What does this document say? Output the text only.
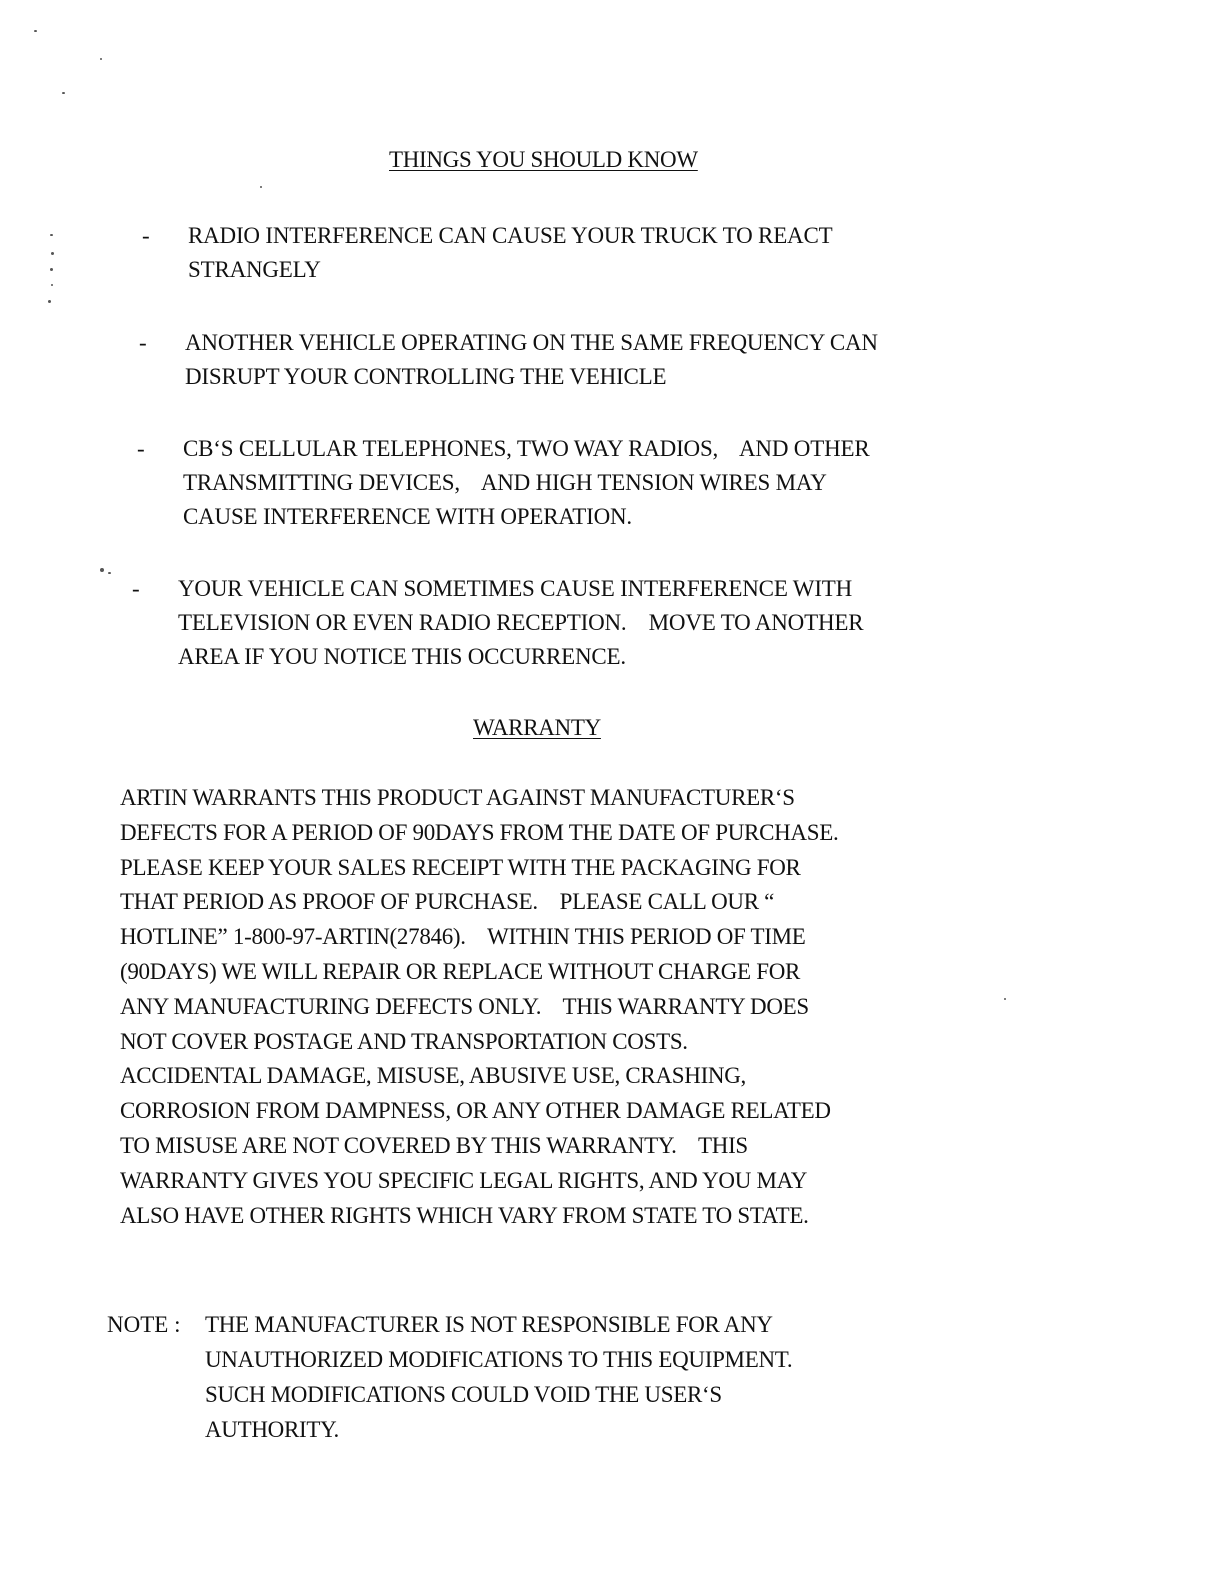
THINGS YOU SHOULD KNOW
- RADIO INTERFERENCE CAN CAUSE YOUR TRUCK TO REACT
STRANGELY
- ANOTHER VEHICLE OPERATING ON THE SAME FREQUENCY CAN
DISRUPT YOUR CONTROLLING THE VEHICLE
- CB‘S CELLULAR TELEPHONES, TWO WAY RADIOS,    AND OTHER
TRANSMITTING DEVICES,    AND HIGH TENSION WIRES MAY
CAUSE INTERFERENCE WITH OPERATION.
- YOUR VEHICLE CAN SOMETIMES CAUSE INTERFERENCE WITH
TELEVISION OR EVEN RADIO RECEPTION.    MOVE TO ANOTHER
AREA IF YOU NOTICE THIS OCCURRENCE.
WARRANTY
ARTIN WARRANTS THIS PRODUCT AGAINST MANUFACTURER‘S
DEFECTS FOR A PERIOD OF 90DAYS FROM THE DATE OF PURCHASE.
PLEASE KEEP YOUR SALES RECEIPT WITH THE PACKAGING FOR
THAT PERIOD AS PROOF OF PURCHASE.    PLEASE CALL OUR “
HOTLINE” 1-800-97-ARTIN(27846).    WITHIN THIS PERIOD OF TIME
(90DAYS) WE WILL REPAIR OR REPLACE WITHOUT CHARGE FOR
ANY MANUFACTURING DEFECTS ONLY.    THIS WARRANTY DOES
NOT COVER POSTAGE AND TRANSPORTATION COSTS.
ACCIDENTAL DAMAGE, MISUSE, ABUSIVE USE, CRASHING,
CORROSION FROM DAMPNESS, OR ANY OTHER DAMAGE RELATED
TO MISUSE ARE NOT COVERED BY THIS WARRANTY.    THIS
WARRANTY GIVES YOU SPECIFIC LEGAL RIGHTS, AND YOU MAY
ALSO HAVE OTHER RIGHTS WHICH VARY FROM STATE TO STATE.
NOTE : THE MANUFACTURER IS NOT RESPONSIBLE FOR ANY
UNAUTHORIZED MODIFICATIONS TO THIS EQUIPMENT.
SUCH MODIFICATIONS COULD VOID THE USER‘S
AUTHORITY.
